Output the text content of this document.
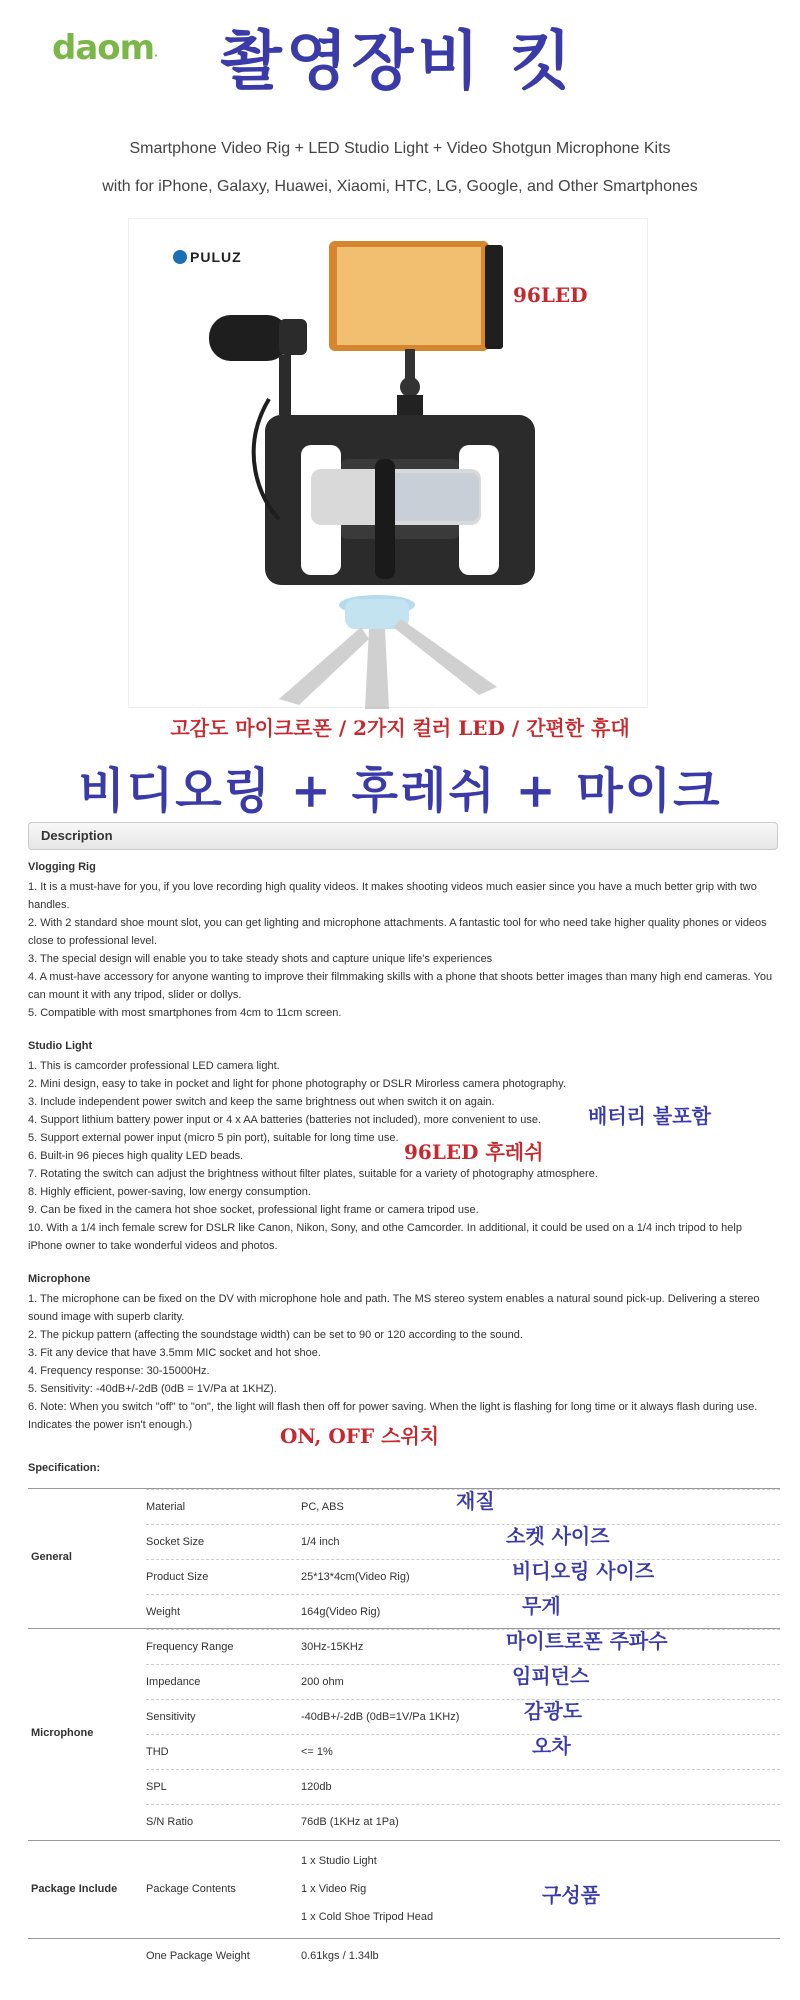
daom· 촬영장비 킷
Smartphone Video Rig + LED Studio Light + Video Shotgun Microphone Kits
with for iPhone, Galaxy, Huawei, Xiaomi, HTC, LG, Google, and Other Smartphones
PULUZ
96LED
고감도 마이크로폰 / 2가지 컬러 LED / 간편한 휴대
비디오링 + 후레쉬 + 마이크
Description
Vlogging Rig

1. It is a must-have for you, if you love recording high quality videos. It makes shooting videos much easier since you have a much better grip with two handles.

2. With 2 standard shoe mount slot, you can get lighting and microphone attachments. A fantastic tool for who need take higher quality phones or videos close to professional level.

3. The special design will enable you to take steady shots and capture unique life's experiences

4. A must-have accessory for anyone wanting to improve their filmmaking skills with a phone that shoots better images than many high end cameras. You can mount it with any tripod, slider or dollys.

5. Compatible with most smartphones from 4cm to 11cm screen.

Studio Light

1. This is camcorder professional LED camera light.

2. Mini design, easy to take in pocket and light for phone photography or DSLR Mirorless camera photography.

3. Include independent power switch and keep the same brightness out when switch it on again.

4. Support lithium battery power input or 4 x AA batteries (batteries not included), more convenient to use.

5. Support external power input (micro 5 pin port), suitable for long time use.

6. Built-in 96 pieces high quality LED beads.

7. Rotating the switch can adjust the brightness without filter plates, suitable for a variety of photography atmosphere.

8. Highly efficient, power-saving, low energy consumption.

9. Can be fixed in the camera hot shoe socket, professional light frame or camera tripod use.

10. With a 1/4 inch female screw for DSLR like Canon, Nikon, Sony, and othe Camcorder. In additional, it could be used on a 1/4 inch tripod to help iPhone owner to take wonderful videos and photos.

배터리 불포함
96LED 후레쉬
Microphone

1. The microphone can be fixed on the DV with microphone hole and path. The MS stereo system enables a natural sound pick-up. Delivering a stereo sound image with superb clarity.

2. The pickup pattern (affecting the soundstage width) can be set to 90 or 120 according to the sound.

3. Fit any device that have 3.5mm MIC socket and hot shoe.

4. Frequency response: 30-15000Hz.

5. Sensitivity: -40dB+/-2dB (0dB = 1V/Pa at 1KHZ).

6. Note: When you switch "off" to "on", the light will flash then off for power saving. When the light is flashing for long time or it always flash during use. Indicates the power isn't enough.)	ON, OFF 스위치
Specification:
General
Material	PC, ABS
Socket Size	1/4 inch
Product Size	25*13*4cm(Video Rig)
Weight	164g(Video Rig)
재질
소켓 사이즈
비디오링 사이즈
무게
Microphone
Frequency Range	30Hz-15KHz
Impedance	200 ohm
Sensitivity	-40dB+/-2dB (0dB=1V/Pa 1KHz)
THD	<= 1%
SPL	120db
S/N Ratio	76dB (1KHz at 1Pa)
마이트로폰 주파수
임피던스
감광도
오차
Package Include	Package Contents
1 x Studio Light
1 x Video Rig
1 x Cold Shoe Tripod Head
구성품
One Package Weight	0.61kgs / 1.34lb
